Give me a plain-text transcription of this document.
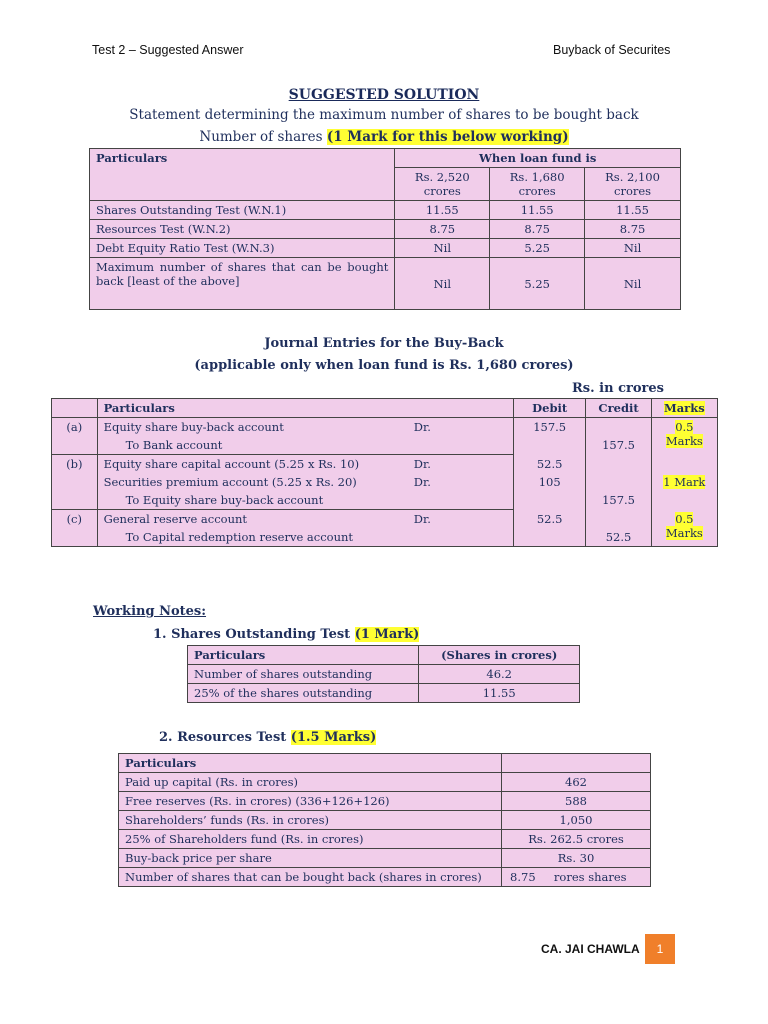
Test 2 – Suggested Answer	Buyback of Securites
SUGGESTED SOLUTION
Statement determining the maximum number of shares to be bought back
Number of shares (1 Mark for this below working)
Particulars	When loan fund is		
	Rs. 2,520 crores	Rs. 1,680 crores	Rs. 2,100 crores
Shares Outstanding Test (W.N.1)	11.55	11.55	11.55
Resources Test (W.N.2)	8.75	8.75	8.75
Debt Equity Ratio Test (W.N.3)	Nil	5.25	Nil
Maximum number of shares that can be bought back [least of the above]	Nil	5.25	Nil
Journal Entries for the Buy-Back
(applicable only when loan fund is Rs. 1,680 crores)
Rs. in crores
	Particulars		Debit	Credit	Marks
(a)	Equity share buy-back account	Dr.	157.5		0.5 Marks
	To Bank account			157.5	
(b)	Equity share capital account (5.25 x Rs. 10)	Dr.	52.5		
	Securities premium account (5.25 x Rs. 20)	Dr.	105		1 Mark
	To Equity share buy-back account			157.5	
(c)	General reserve account	Dr.	52.5		0.5 Marks
	To Capital redemption reserve account			52.5	
Working Notes:
1. Shares Outstanding Test (1 Mark)
Particulars	(Shares in crores)
Number of shares outstanding	46.2
25% of the shares outstanding	11.55
2. Resources Test (1.5 Marks)
Particulars	
Paid up capital (Rs. in crores)	462
Free reserves (Rs. in crores) (336+126+126)	588
Shareholders’ funds (Rs. in crores)	1,050
25% of Shareholders fund (Rs. in crores)	Rs. 262.5 crores
Buy-back price per share	Rs. 30
Number of shares that can be bought back (shares in crores)	8.75     rores shares
CA. JAI CHAWLA	1
